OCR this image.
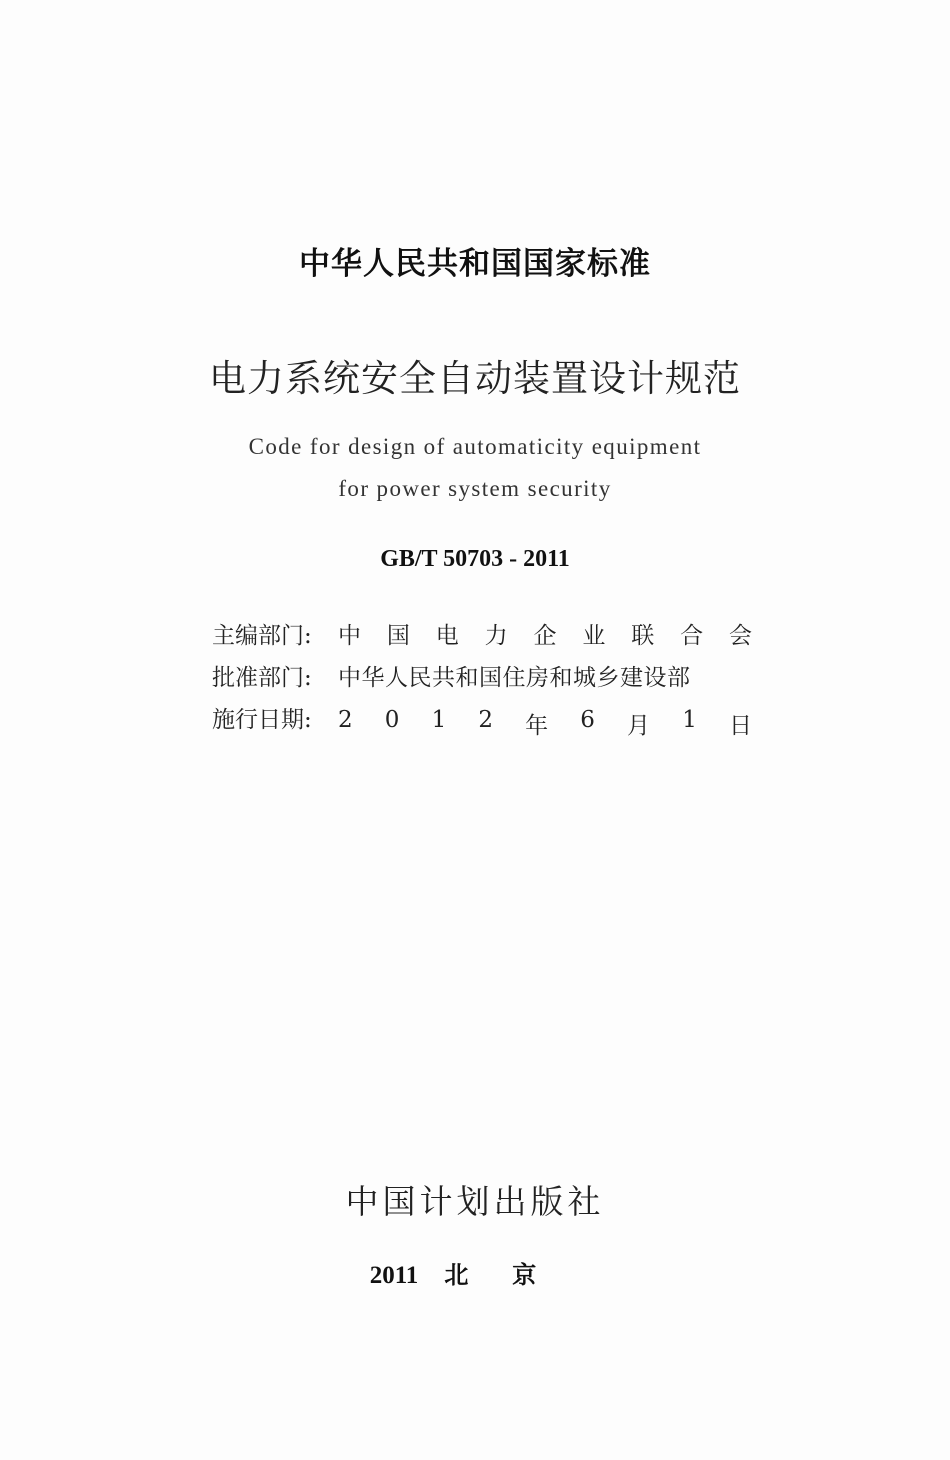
中华人民共和国国家标准
电力系统安全自动装置设计规范
Code for design of automaticity equipment
for power system security
GB/T 50703 - 2011
主编部门:	中 国 电 力 企 业 联 合 会
批准部门:	中华人民共和国住房和城乡建设部
施行日期:	2 0 1 2 年 6 月 1 日
中国计划出版社
2011 北京
